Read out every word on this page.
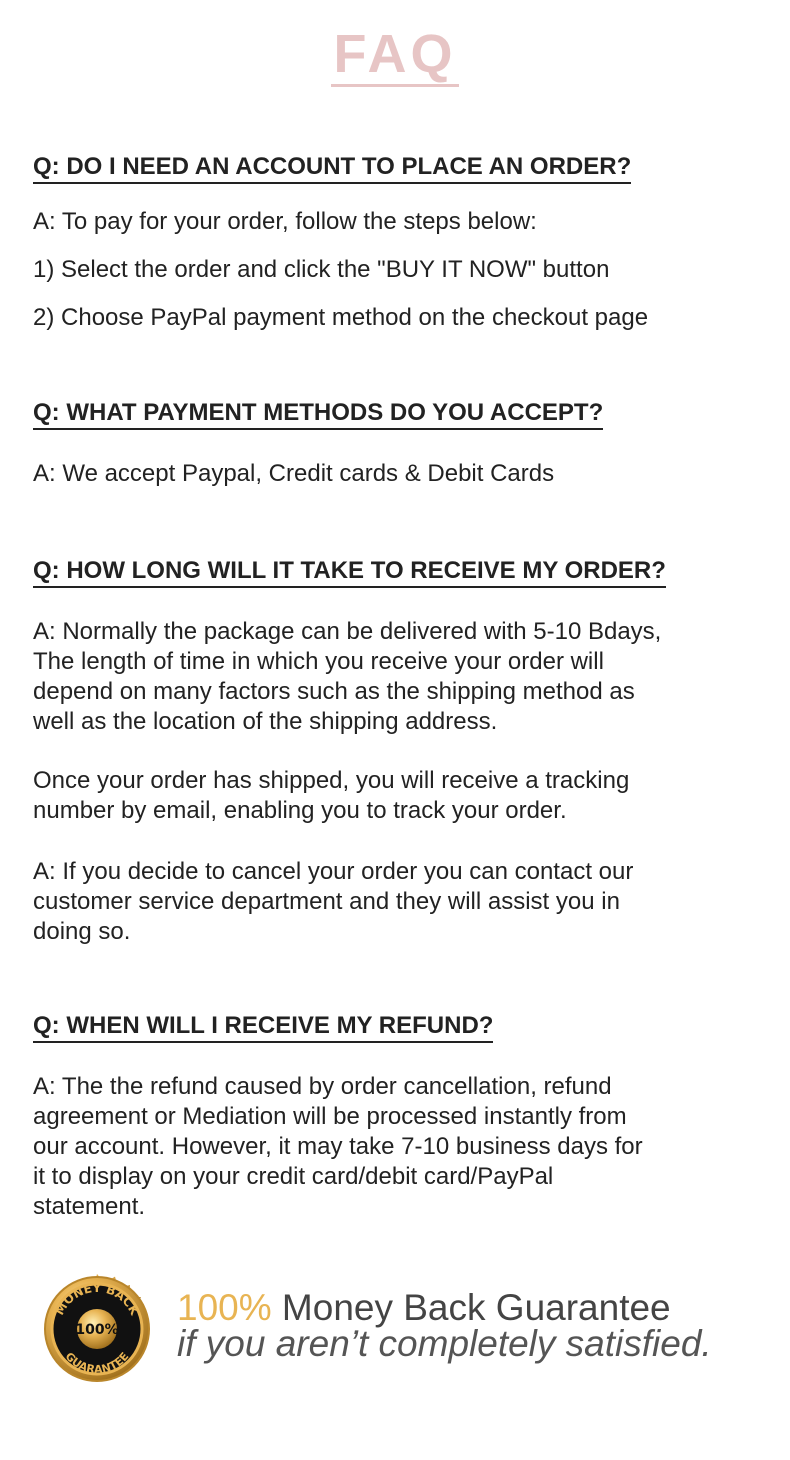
FAQ
Q: DO I NEED AN ACCOUNT TO PLACE AN ORDER?

A: To pay for your order, follow the steps below:

1) Select the order and click the "BUY IT NOW" button

2) Choose PayPal payment method on the checkout page

Q: WHAT PAYMENT METHODS DO YOU ACCEPT?

A: We accept Paypal, Credit cards & Debit Cards

Q: HOW LONG WILL IT TAKE TO RECEIVE MY ORDER?

A: Normally the package can be delivered with 5-10 Bdays,

The length of time in which you receive your order will

depend on many factors such as the shipping method as

well as the location of the shipping address.

Once your order has shipped, you will receive a tracking

number by email, enabling you to track your order.

A: If you decide to cancel your order you can contact our

customer service department and they will assist you in

doing so.

Q: WHEN WILL I RECEIVE MY REFUND?

A: The the refund caused by order cancellation, refund

agreement or Mediation will be processed instantly from

our account. However, it may take 7-10 business days for

it to display on your credit card/debit card/PayPal

statement.

MONEY BACK
GUARANTEE
100%
100% Money Back Guarantee
if you aren’t completely satisfied.
